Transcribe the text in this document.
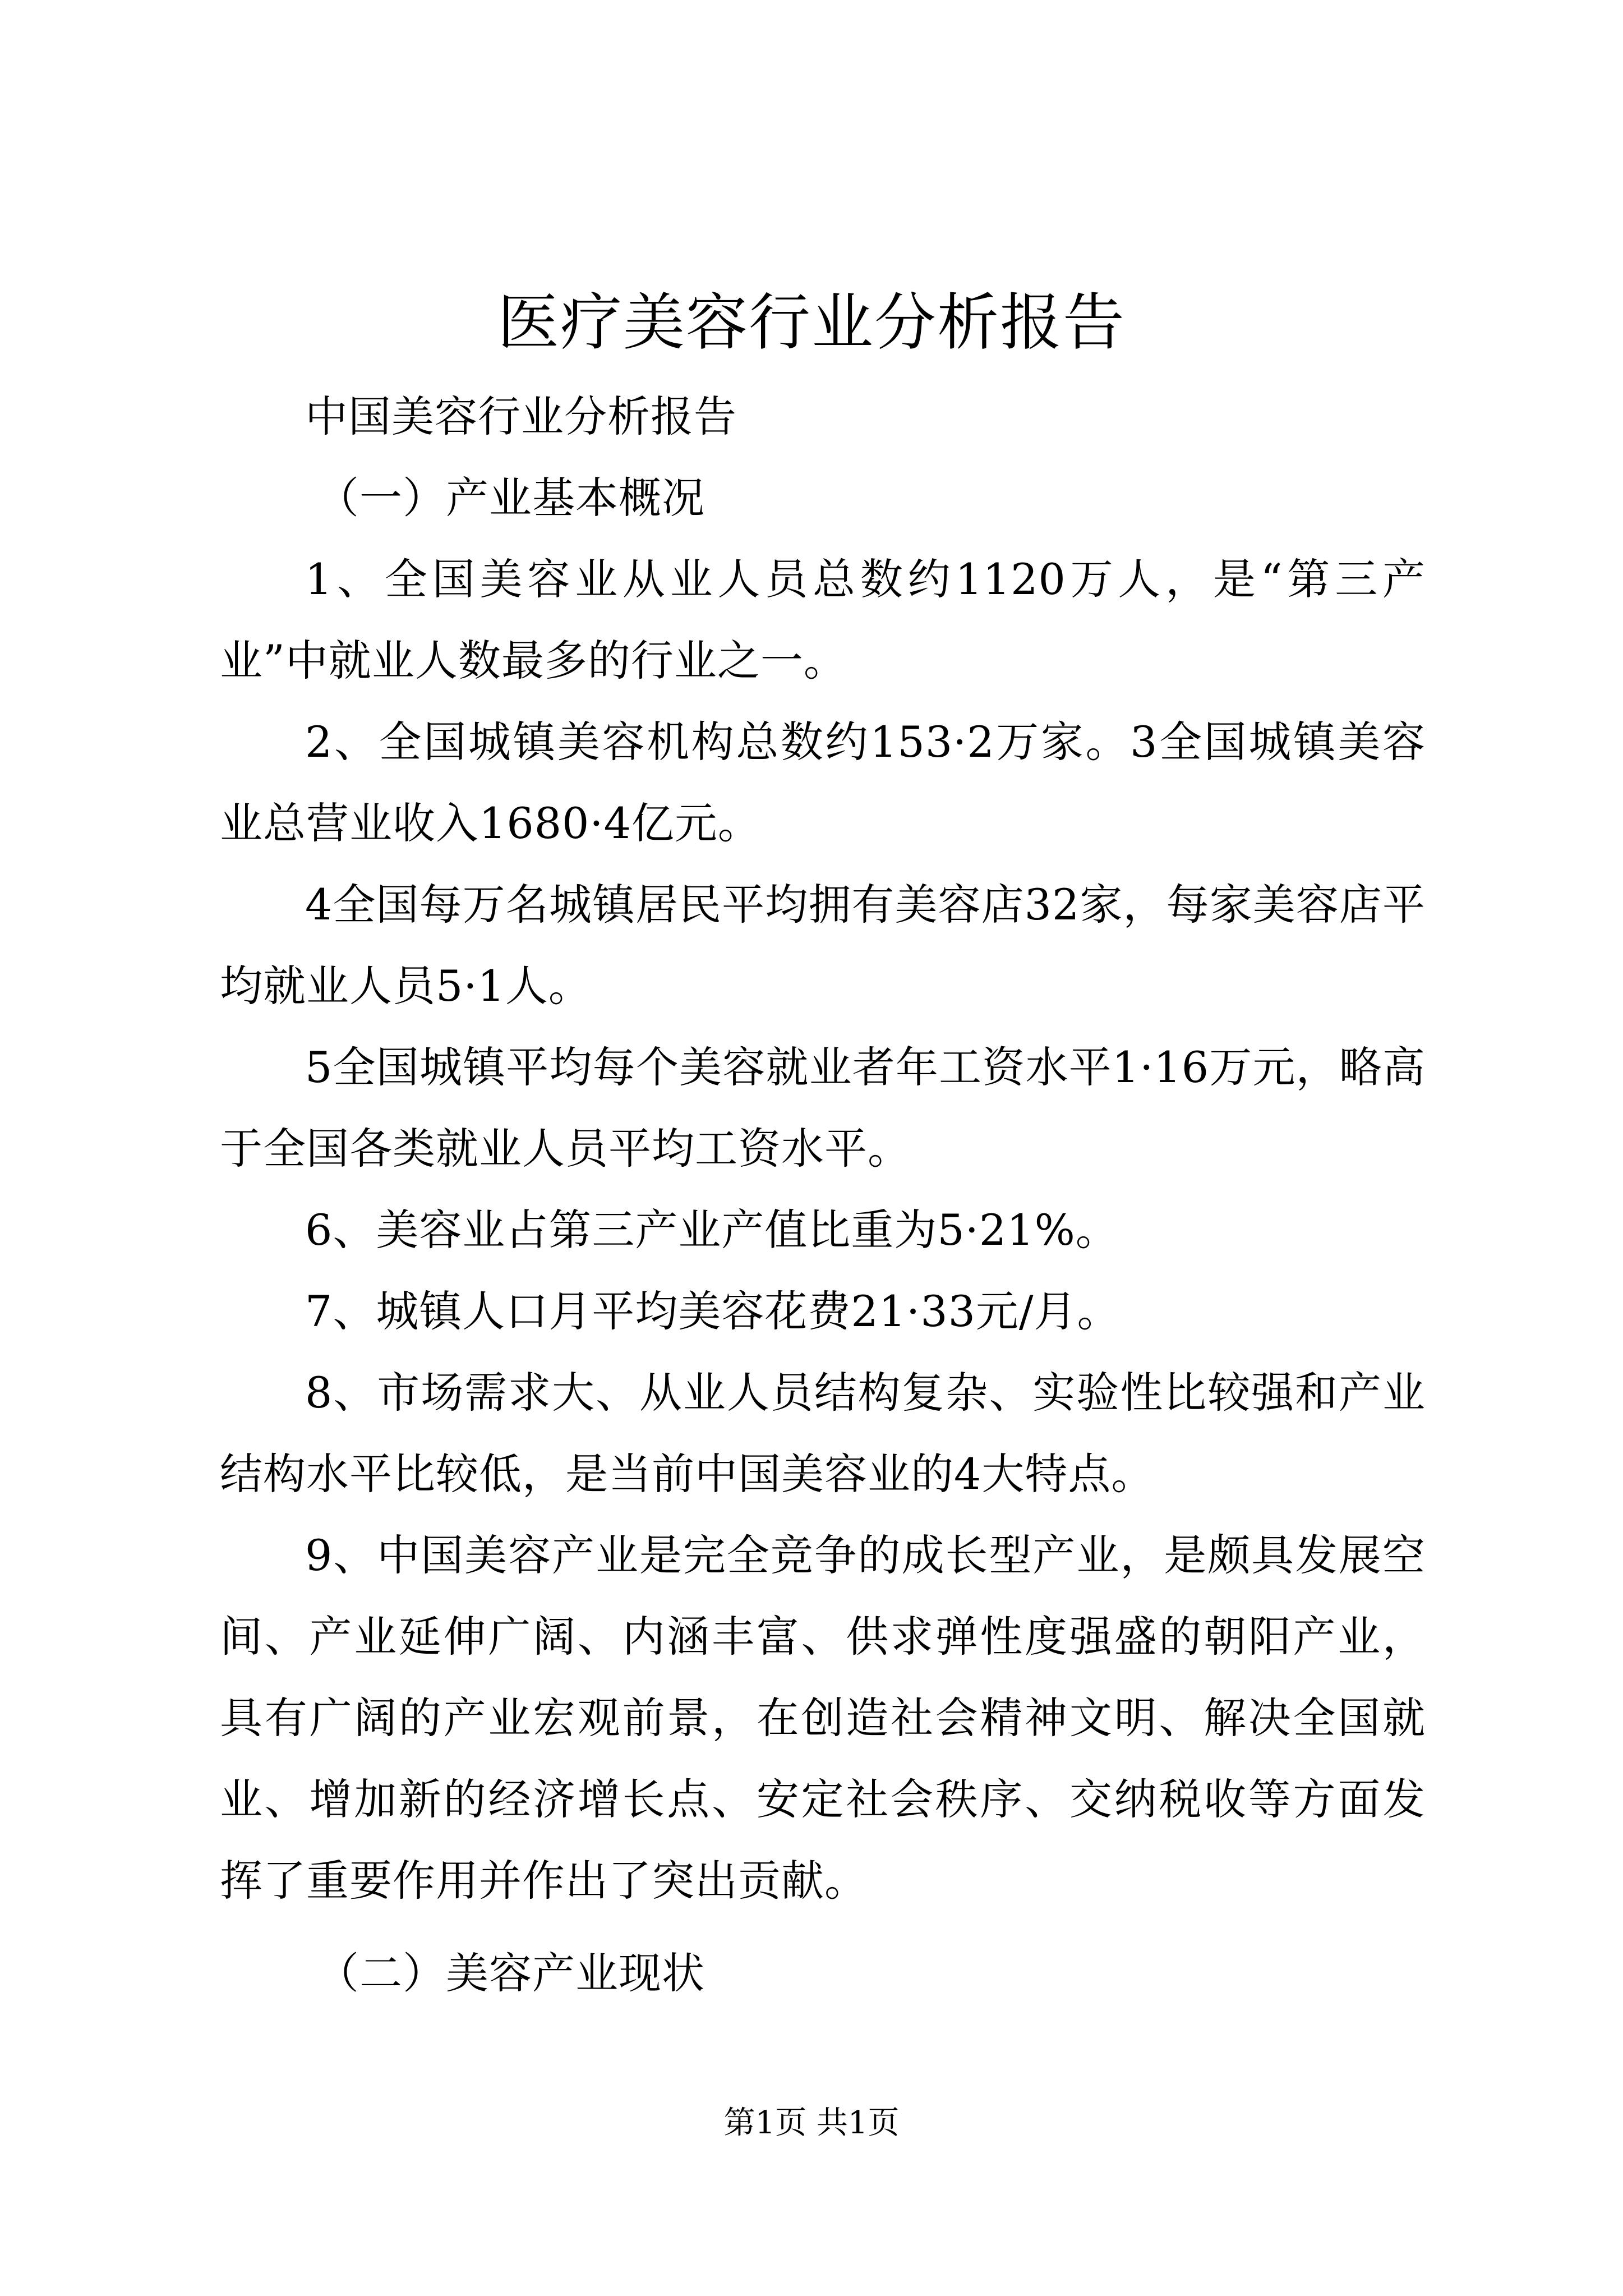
医疗美容行业分析报告

中国美容行业分析报告

（一）产业基本概况

1、全国美容业从业人员总数约1120万人，是“第三产业”中就业人数最多的行业之一。

2、全国城镇美容机构总数约153·2万家。3全国城镇美容业总营业收入1680·4亿元。

4全国每万名城镇居民平均拥有美容店32家，每家美容店平均就业人员5·1人。

5全国城镇平均每个美容就业者年工资水平1·16万元，略高于全国各类就业人员平均工资水平。

6、美容业占第三产业产值比重为5·21%。

7、城镇人口月平均美容花费21·33元/月。

8、市场需求大、从业人员结构复杂、实验性比较强和产业结构水平比较低，是当前中国美容业的4大特点。

9、中国美容产业是完全竞争的成长型产业，是颇具发展空间、产业延伸广阔、内涵丰富、供求弹性度强盛的朝阳产业，具有广阔的产业宏观前景，在创造社会精神文明、解决全国就业、增加新的经济增长点、安定社会秩序、交纳税收等方面发挥了重要作用并作出了突出贡献。

（二）美容产业现状

第1页 共1页
